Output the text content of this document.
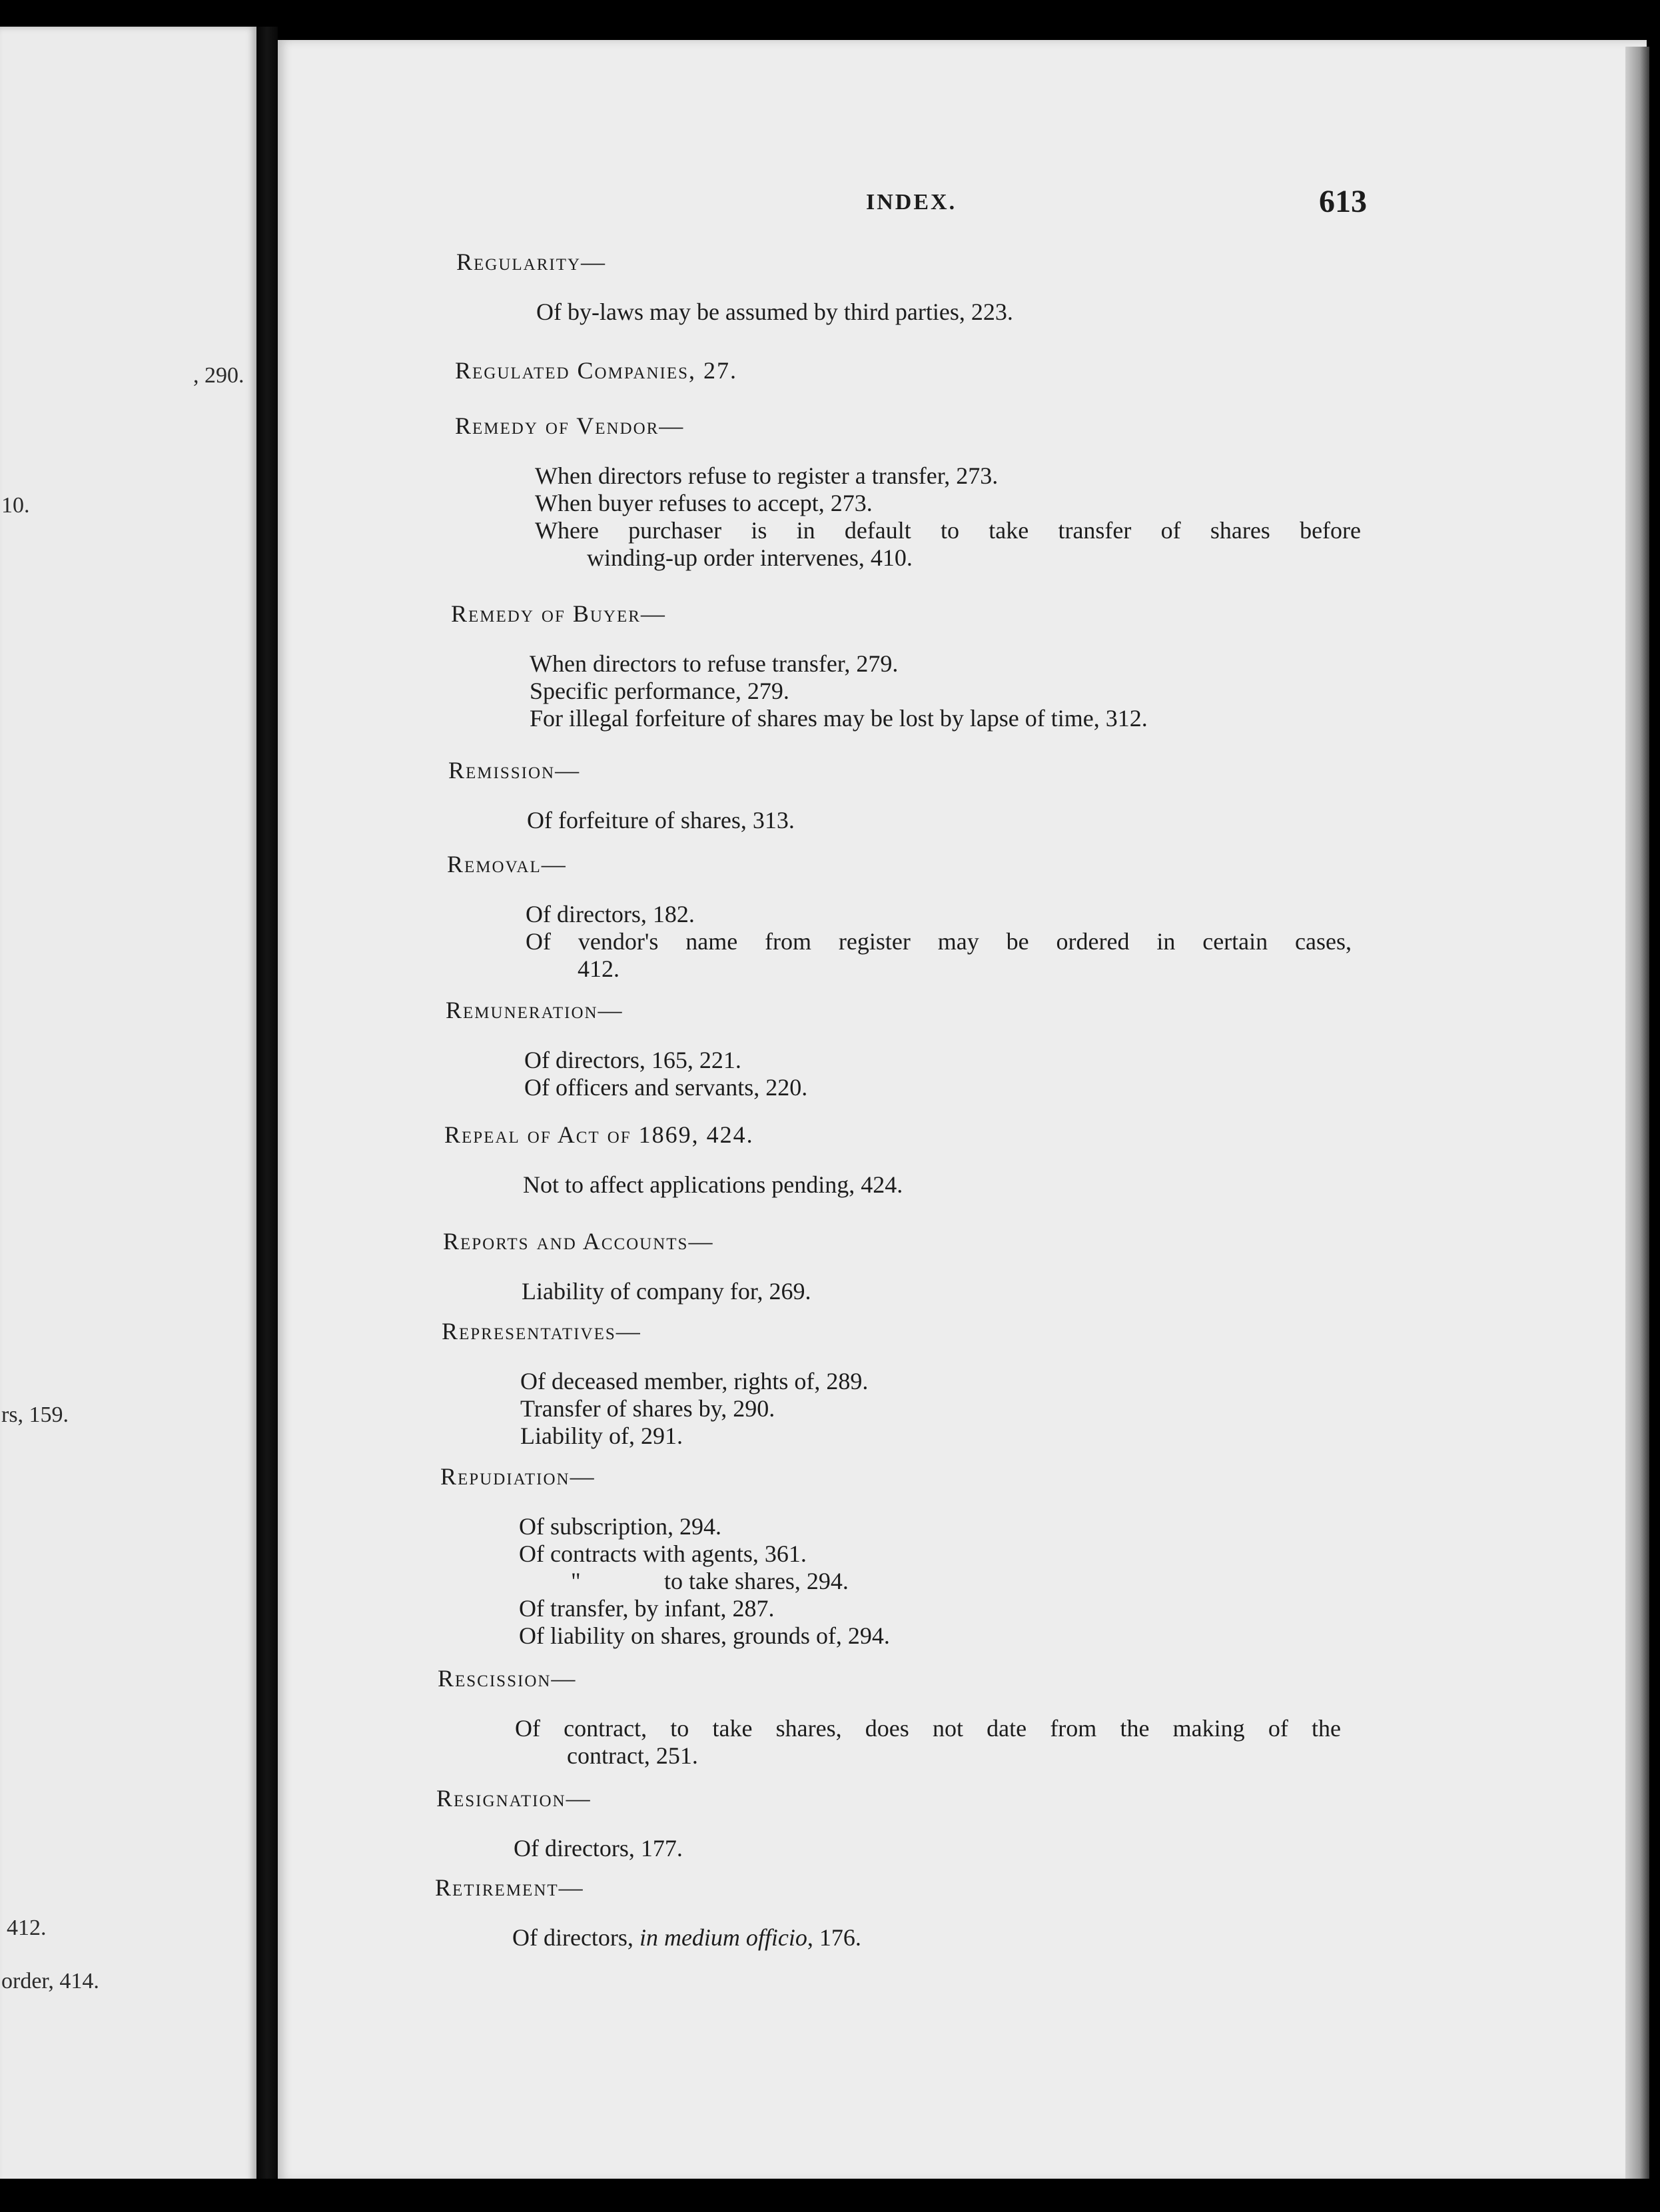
, 290.
10.
rs, 159.
412.
order, 414.
INDEX.	613
Regularity—
Of by-laws may be assumed by third parties, 223.
Regulated Companies, 27.
Remedy of Vendor—
When directors refuse to register a transfer, 273.
When buyer refuses to accept, 273.
Where purchaser is in default to take transfer of shares before
winding-up order intervenes, 410.
Remedy of Buyer—
When directors to refuse transfer, 279.
Specific performance, 279.
For illegal forfeiture of shares may be lost by lapse of time, 312.
Remission—
Of forfeiture of shares, 313.
Removal—
Of directors, 182.
Of vendor's name from register may be ordered in certain cases,
412.
Remuneration—
Of directors, 165, 221.
Of officers and servants, 220.
Repeal of Act of 1869, 424.
Not to affect applications pending, 424.
Reports and Accounts—
Liability of company for, 269.
Representatives—
Of deceased member, rights of, 289.
Transfer of shares by, 290.
Liability of, 291.
Repudiation—
Of subscription, 294.
Of contracts with agents, 361.
"	to take shares, 294.
Of transfer, by infant, 287.
Of liability on shares, grounds of, 294.
Rescission—
Of contract, to take shares, does not date from the making of the
contract, 251.
Resignation—
Of directors, 177.
Retirement—
Of directors, in medium officio, 176.
